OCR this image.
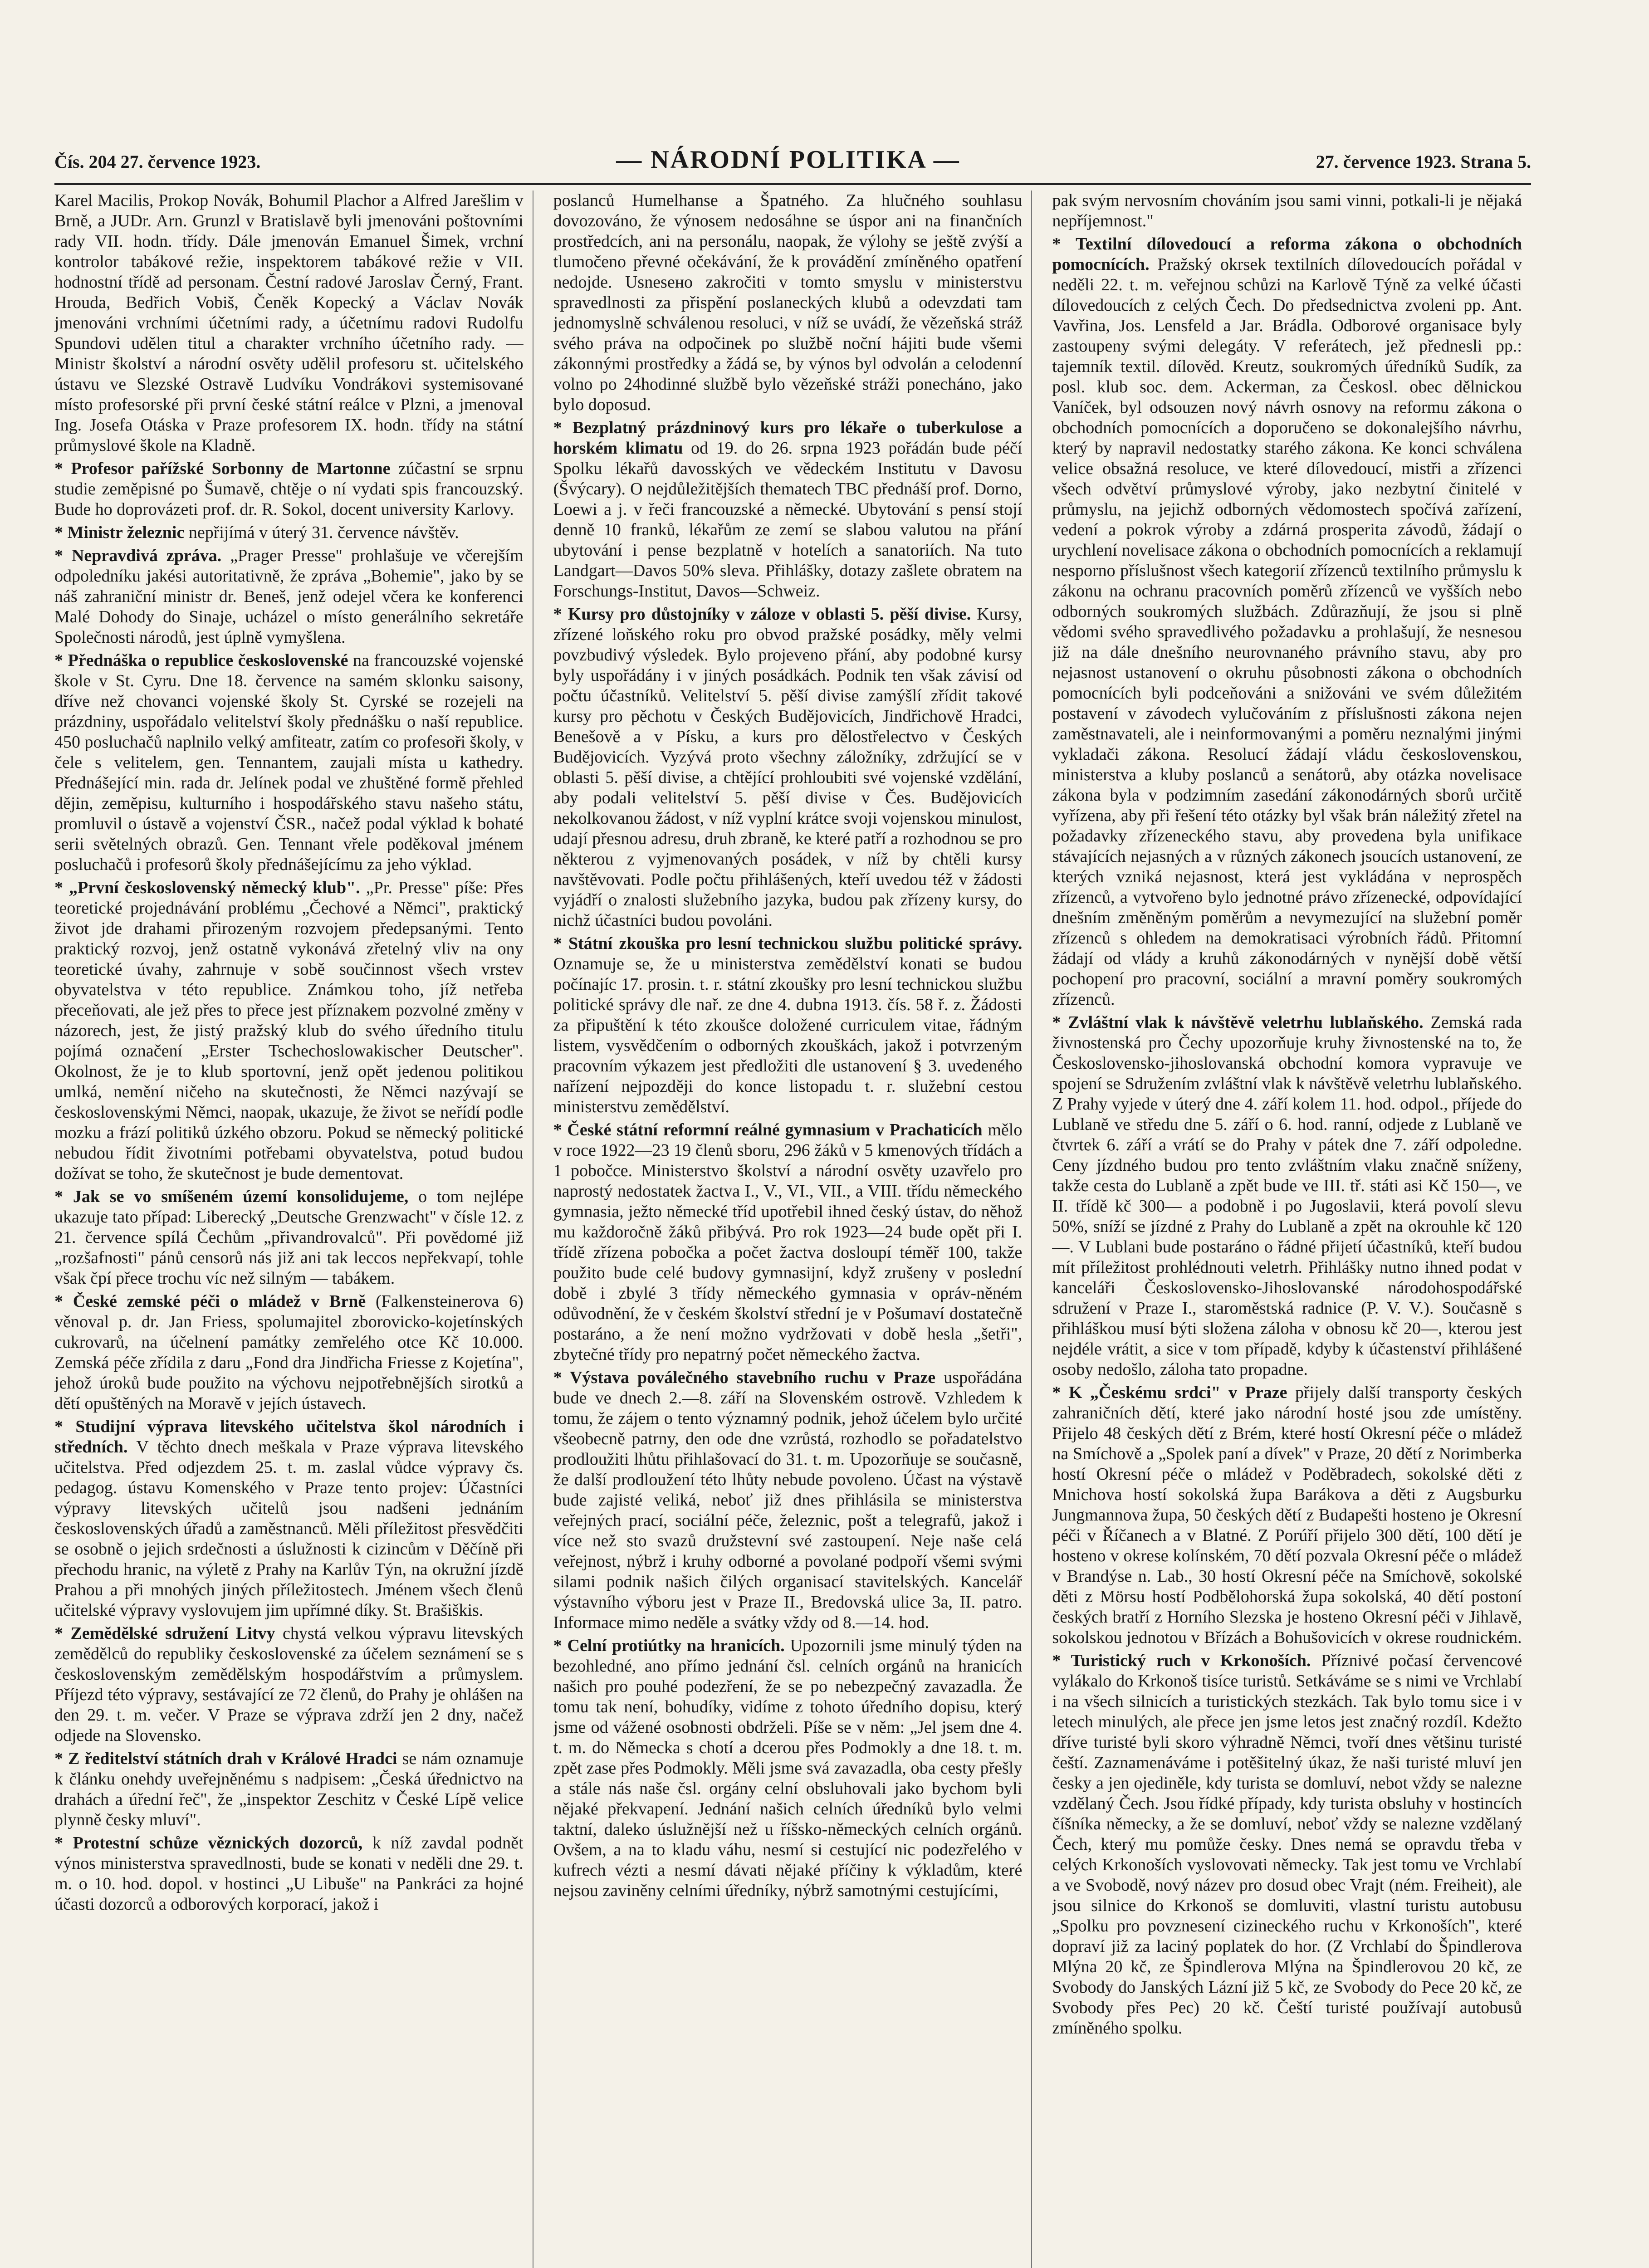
Čís. 204 27. července 1923.	— NÁRODNÍ POLITIKA —	27. července 1923. Strana 5.

Karel Macilis, Prokop Novák, Bohumil Plachor a Alfred Jarešlim v Brně, a JUDr. Arn. Grunzl v Bratislavě byli jmenováni poštovními rady VII. hodn. třídy. Dále jmenován Emanuel Šimek, vrchní kontrolor tabákové režie, inspektorem tabákové režie v VII. hodnostní třídě ad personam. Čestní radové Jaroslav Černý, Frant. Hrouda, Bedřich Vobiš, Čeněk Kopecký a Václav Novák jmenováni vrchními účetními rady, a účetnímu radovi Rudolfu Spundovi udělen titul a charakter vrchního účetního rady. — Ministr školství a národní osvěty udělil profesoru st. učitelského ústavu ve Slezské Ostravě Ludvíku Vondrákovi systemisované místo profesorské při první české státní reálce v Plzni, a jmenoval Ing. Josefa Otáska v Praze profesorem IX. hodn. třídy na státní průmyslové škole na Kladně.

* Profesor pařížské Sorbonny de Martonne zúčastní se srpnu studie zeměpisné po Šumavě, chtěje o ní vydati spis francouzský. Bude ho doprovázeti prof. dr. R. Sokol, docent university Karlovy.

* Ministr železnic nepřijímá v úterý 31. července návštěv.

* Nepravdivá zpráva. „Prager Presse" prohlašuje ve včerejším odpoledníku jakési autoritativně, že zpráva „Bohemie", jako by se náš zahraniční ministr dr. Beneš, jenž odejel včera ke konferenci Malé Dohody do Sinaje, ucházel o místo generálního sekretáře Společnosti národů, jest úplně vymyšlena.

* Přednáška o republice československé na francouzské vojenské škole v St. Cyru. Dne 18. července na samém sklonku saisony, dříve než chovanci vojenské školy St. Cyrské se rozejeli na prázdniny, uspořádalo velitelství školy přednášku o naší republice. 450 posluchačů naplnilo velký amfiteatr, zatím co profesoři školy, v čele s velitelem, gen. Tennantem, zaujali místa u kathedry. Přednášející min. rada dr. Jelínek podal ve zhuštěné formě přehled dějin, zeměpisu, kulturního i hospodářského stavu našeho státu, promluvil o ústavě a vojenství ČSR., načež podal výklad k bohaté serii světelných obrazů. Gen. Tennant vřele poděkoval jménem posluchačů i profesorů školy přednášejícímu za jeho výklad.

* „První československý německý klub". „Pr. Presse" píše: Přes teoretické projednávání problému „Čechové a Němci", praktický život jde drahami přirozeným rozvojem předepsanými. Tento praktický rozvoj, jenž ostatně vykonává zřetelný vliv na ony teoretické úvahy, zahrnuje v sobě součinnost všech vrstev obyvatelstva v této republice. Známkou toho, jíž netřeba přeceňovati, ale jež přes to přece jest příznakem pozvolné změny v názorech, jest, že jistý pražský klub do svého úředního titulu pojímá označení „Erster Tschechoslowakischer Deutscher". Okolnost, že je to klub sportovní, jenž opět jedenou politikou umlká, nemění ničeho na skutečnosti, že Němci nazývají se československými Němci, naopak, ukazuje, že život se neřídí podle mozku a frází politiků úzkého obzoru. Pokud se německý politické nebudou řídit životními potřebami obyvatelstva, potud budou dožívat se toho, že skutečnost je bude dementovat.

* Jak se vo smíšeném území konsolidujeme, o tom nejlépe ukazuje tato případ: Liberecký „Deutsche Grenzwacht" v čísle 12. z 21. července spílá Čechům „přivandrovalců". Při povědomé již „rozšafnosti" pánů censorů nás již ani tak leccos nepřekvapí, tohle však čpí přece trochu víc než silným — tabákem.

* České zemské péči o mládež v Brně (Falkensteinerova 6) věnoval p. dr. Jan Friess, spolumajitel zborovicko-kojetínských cukrovarů, na účelnení památky zemřelého otce Kč 10.000. Zemská péče zřídila z daru „Fond dra Jindřicha Friesse z Kojetína", jehož úroků bude použito na výchovu nejpotřebnějších sirotků a dětí opuštěných na Moravě v jejích ústavech.

* Studijní výprava litevského učitelstva škol národních i středních. V těchto dnech meškala v Praze výprava litevského učitelstva. Před odjezdem 25. t. m. zaslal vůdce výpravy čs. pedagog. ústavu Komenského v Praze tento projev: Účastníci výpravy litevských učitelů jsou nadšeni jednáním československých úřadů a zaměstnanců. Měli příležitost přesvědčiti se osobně o jejich srdečnosti a úslužnosti k cizincům v Děčíně při přechodu hranic, na výletě z Prahy na Karlův Týn, na okružní jízdě Prahou a při mnohých jiných příležitostech. Jménem všech členů učitelské výpravy vyslovujem jim upřímné díky. St. Brašiškis.

* Zemědělské sdružení Litvy chystá velkou výpravu litevských zemědělců do republiky československé za účelem seznámení se s československým zemědělským hospodářstvím a průmyslem. Příjezd této výpravy, sestávající ze 72 členů, do Prahy je ohlášen na den 29. t. m. večer. V Praze se výprava zdrží jen 2 dny, načež odjede na Slovensko.

* Z ředitelství státních drah v Králové Hradci se nám oznamuje k článku onehdy uveřejněnému s nadpisem: „Česká úřednictvo na drahách a úřední řeč", že „inspektor Zeschitz v České Lípě velice plynně česky mluví".

* Protestní schůze věznických dozorců, k níž zavdal podnět výnos ministerstva spravedlnosti, bude se konati v neděli dne 29. t. m. o 10. hod. dopol. v hostinci „U Libuše" na Pankráci za hojné účasti dozorců a odborových korporací, jakož i

poslanců Humelhanse a Špatného. Za hlučného souhlasu dovozováno, že výnosem nedosáhne se úspor ani na finančních prostředcích, ani na personálu, naopak, že výlohy se ještě zvýší a tlumočeno převné očekávání, že k provádění zmíněného opatření nedojde. Usnesено zakročiti v tomto smyslu v ministerstvu spravedlnosti za přispění poslaneckých klubů a odevzdati tam jednomyslně schválenou resoluci, v níž se uvádí, že vězeňská stráž svého práva na odpočinek po službě noční hájiti bude všemi zákonnými prostředky a žádá se, by výnos byl odvolán a celodenní volno po 24hodinné službě bylo vězeňské stráži ponecháno, jako bylo doposud.

* Bezplatný prázdninový kurs pro lékaře o tuberkulose a horském klimatu od 19. do 26. srpna 1923 pořádán bude péčí Spolku lékařů davosských ve vědeckém Institutu v Davosu (Švýcary). O nejdůležitějších thematech TBC přednáší prof. Dorno, Loewi a j. v řeči francouzské a německé. Ubytování s pensí stojí denně 10 franků, lékařům ze zemí se slabou valutou na přání ubytování i pense bezplatně v hotelích a sanatoriích. Na tuto Landgart—Davos 50% sleva. Přihlášky, dotazy zašlete obratem na Forschungs-Institut, Davos—Schweiz.

* Kursy pro důstojníky v záloze v oblasti 5. pěší divise. Kursy, zřízené loňského roku pro obvod pražské posádky, měly velmi povzbudivý výsledek. Bylo projeveno přání, aby podobné kursy byly uspořádány i v jiných posádkách. Podnik ten však závisí od počtu účastníků. Velitelství 5. pěší divise zamýšlí zřídit takové kursy pro pěchotu v Českých Budějovicích, Jindřichově Hradci, Benešově a v Písku, a kurs pro dělostřelectvo v Českých Budějovicích. Vyzývá proto všechny záložníky, zdržující se v oblasti 5. pěší divise, a chtějící prohloubiti své vojenské vzdělání, aby podali velitelství 5. pěší divise v Čes. Budějovicích nekolkovanou žádost, v níž vyplní krátce svoji vojenskou minulost, udají přesnou adresu, druh zbraně, ke které patří a rozhodnou se pro některou z vyjmenovaných posádek, v níž by chtěli kursy navštěvovati. Podle počtu přihlášených, kteří uvedou též v žádosti vyjádří o znalosti služebního jazyka, budou pak zřízeny kursy, do nichž účastníci budou povoláni.

* Státní zkouška pro lesní technickou službu politické správy. Oznamuje se, že u ministerstva zemědělství konati se budou počínajíc 17. prosin. t. r. státní zkoušky pro lesní technickou službu politické správy dle nař. ze dne 4. dubna 1913. čís. 58 ř. z. Žádosti za připuštění k této zkoušce doložené curriculem vitae, řádným listem, vysvědčením o odborných zkouškách, jakož i potvrzeným pracovním výkazem jest předložiti dle ustanovení § 3. uvedeného nařízení nejpozději do konce listopadu t. r. služební cestou ministerstvu zemědělství.

* České státní reformní reálné gymnasium v Prachaticích mělo v roce 1922—23 19 členů sboru, 296 žáků v 5 kmenových třídách a 1 pobočce. Ministerstvo školství a národní osvěty uzavřelo pro naprostý nedostatek žactva I., V., VI., VII., a VIII. třídu německého gymnasia, ježto německé tříd upotřebil ihned český ústav, do něhož mu každoročně žáků přibývá. Pro rok 1923—24 bude opět při I. třídě zřízena pobočka a počet žactva dosloupí téměř 100, takže použito bude celé budovy gymnasijní, když zrušeny v poslední době i zbylé 3 třídy německého gymnasia v opráv-něném odůvodnění, že v českém školství střední je v Pošumaví dostatečně postaráno, a že není možno vydržovati v době hesla „šetři", zbytečné třídy pro nepatrný počet německého žactva.

* Výstava poválečného stavebního ruchu v Praze uspořádána bude ve dnech 2.—8. září na Slovenském ostrově. Vzhledem k tomu, že zájem o tento významný podnik, jehož účelem bylo určité všeobecně patrny, den ode dne vzrůstá, rozhodlo se pořadatelstvo prodloužiti lhůtu přihlašovací do 31. t. m. Upozorňuje se současně, že další prodloužení této lhůty nebude povoleno. Účast na výstavě bude zajisté veliká, neboť již dnes přihlásila se ministerstva veřejných prací, sociální péče, železnic, pošt a telegrafů, jakož i více než sto svazů družstevní své zastoupení. Neje naše celá veřejnost, nýbrž i kruhy odborné a povolané podpoří všemi svými silami podnik našich čilých organisací stavitelských. Kancelář výstavního výboru jest v Praze II., Bredovská ulice 3a, II. patro. Informace mimo neděle a svátky vždy od 8.—14. hod.

* Celní protiútky na hranicích. Upozornili jsme minulý týden na bezohledné, ano přímo jednání čsl. celních orgánů na hranicích našich pro pouhé podezření, že se po nebezpečný zavazadla. Že tomu tak není, bohudíky, vidíme z tohoto úředního dopisu, který jsme od vážené osobnosti obdrželi. Píše se v něm: „Jel jsem dne 4. t. m. do Německa s chotí a dcerou přes Podmokly a dne 18. t. m. zpět zase přes Podmokly. Měli jsme svá zavazadla, oba cesty přešly a stále nás naše čsl. orgány celní obsluhovali jako bychom byli nějaké překvapení. Jednání našich celních úředníků bylo velmi taktní, daleko úslužnější než u říšsko-německých celních orgánů. Ovšem, a na to kladu váhu, nesmí si cestující nic podezřelého v kufrech vézti a nesmí dávati nějaké příčiny k výkladům, které nejsou zaviněny celními úředníky, nýbrž samotnými cestujícími,

pak svým nervosním chováním jsou sami vinni, potkali-li je nějaká nepříjemnost."

* Textilní dílovedoucí a reforma zákona o obchodních pomocnících. Pražský okrsek textilních dílovedoucích pořádal v neděli 22. t. m. veřejnou schůzi na Karlově Týně za velké účasti dílovedoucích z celých Čech. Do předsednictva zvoleni pp. Ant. Vavřina, Jos. Lensfeld a Jar. Brádla. Odborové organisace byly zastoupeny svými delegáty. V referátech, jež přednesli pp.: tajemník textil. dílověd. Kreutz, soukromých úředníků Sudík, za posl. klub soc. dem. Ackerman, za Českosl. obec dělnickou Vaníček, byl odsouzen nový návrh osnovy na reformu zákona o obchodních pomocnících a doporučeno se dokonalejšího návrhu, který by napravil nedostatky starého zákona. Ke konci schválena velice obsažná resoluce, ve které dílovedoucí, mistři a zřízenci všech odvětví průmyslové výroby, jako nezbytní činitelé v průmyslu, na jejichž odborných vědomostech spočívá zařízení, vedení a pokrok výroby a zdárná prosperita závodů, žádají o urychlení novelisace zákona o obchodních pomocnících a reklamují nesporno příslušnost všech kategorií zřízenců textilního průmyslu k zákonu na ochranu pracovních poměrů zřízenců ve vyšších nebo odborných soukromých službách. Zdůrazňují, že jsou si plně vědomi svého spravedlivého požadavku a prohlašují, že nesnesou již na dále dnešního neurovnaného právního stavu, aby pro nejasnost ustanovení o okruhu působnosti zákona o obchodních pomocnících byli podceňováni a snižováni ve svém důležitém postavení v závodech vylučováním z příslušnosti zákona nejen zaměstnavateli, ale i neinformovanými a poměru neznalými jinými vykladači zákona. Resolucí žádají vládu československou, ministerstva a kluby poslanců a senátorů, aby otázka novelisace zákona byla v podzimním zasedání zákonodárných sborů určitě vyřízena, aby při řešení této otázky byl však brán náležitý zřetel na požadavky zřízeneckého stavu, aby provedena byla unifikace stávajících nejasných a v různých zákonech jsoucích ustanovení, ze kterých vzniká nejasnost, která jest vykládána v neprospěch zřízenců, a vytvořeno bylo jednotné právo zřízenecké, odpovídající dnešním změněným poměrům a nevymezující na služební poměr zřízenců s ohledem na demokratisaci výrobních řádů. Přitomní žádají od vlády a kruhů zákonodárných v nynější době větší pochopení pro pracovní, sociální a mravní poměry soukromých zřízenců.

* Zvláštní vlak k návštěvě veletrhu lublaňského. Zemská rada živnostenská pro Čechy upozorňuje kruhy živnostenské na to, že Československo-jihoslovanská obchodní komora vypravuje ve spojení se Sdružením zvláštní vlak k návštěvě veletrhu lublaňského. Z Prahy vyjede v úterý dne 4. září kolem 11. hod. odpol., příjede do Lublaně ve středu dne 5. září o 6. hod. ranní, odjede z Lublaně ve čtvrtek 6. září a vrátí se do Prahy v pátek dne 7. září odpoledne. Ceny jízdného budou pro tento zvláštním vlaku značně sníženy, takže cesta do Lublaně a zpět bude ve III. tř. státi asi Kč 150—, ve II. třídě kč 300— a podobně i po Jugoslavii, která povolí slevu 50%, sníží se jízdné z Prahy do Lublaně a zpět na okrouhle kč 120—. V Lublani bude postaráno o řádné přijetí účastníků, kteří budou mít příležitost prohlédnouti veletrh. Přihlášky nutno ihned podat v kanceláři Československo-Jihoslovanské národohospodářské sdružení v Praze I., staroměstská radnice (P. V. V.). Současně s přihláškou musí býti složena záloha v obnosu kč 20—, kterou jest nejdéle vrátit, a sice v tom případě, kdyby k účastenství přihlášené osoby nedošlo, záloha tato propadne.

* K „Českému srdci" v Praze přijely další transporty českých zahraničních dětí, které jako národní hosté jsou zde umístěny. Přijelo 48 českých dětí z Brém, které hostí Okresní péče o mládež na Smíchově a „Spolek paní a dívek" v Praze, 20 dětí z Norimberka hostí Okresní péče o mládež v Poděbradech, sokolské děti z Mnichova hostí sokolská župa Barákova a děti z Augsburku Jungmannova župa, 50 českých dětí z Budapešti hosteno je Okresní péči v Říčanech a v Blatné. Z Porúří přijelo 300 dětí, 100 dětí je hosteno v okrese kolínském, 70 dětí pozvala Okresní péče o mládež v Brandýse n. Lab., 30 hostí Okresní péče na Smíchově, sokolské děti z Mörsu hostí Podbělohorská župa sokolská, 40 dětí postoní českých bratří z Horního Slezska je hosteno Okresní péči v Jihlavě, sokolskou jednotou v Břízách a Bohušovicích v okrese roudnickém.

* Turistický ruch v Krkonoších. Příznivé počasí červencové vylákalo do Krkonoš tisíce turistů. Setkáváme se s nimi ve Vrchlabí i na všech silnicích a turistických stezkách. Tak bylo tomu sice i v letech minulých, ale přece jen jsme letos jest značný rozdíl. Kdežto dříve turisté byli skoro výhradně Němci, tvoří dnes většinu turisté čeští. Zaznamenáváme i potěšitelný úkaz, že naši turisté mluví jen česky a jen ojediněle, kdy turista se domluví, nebot vždy se nalezne vzdělaný Čech. Jsou řídké případy, kdy turista obsluhy v hostincích číšníka německy, a že se domluví, neboť vždy se nalezne vzdělaný Čech, který mu pomůže česky. Dnes nemá se opravdu třeba v celých Krkonoších vyslovovati německy. Tak jest tomu ve Vrchlabí a ve Svobodě, nový název pro dosud obec Vrajt (ném. Freiheit), ale jsou silnice do Krkonoš se domluviti, vlastní turistu autobusu „Spolku pro povznesení cizineckého ruchu v Krkonoších", které dopraví již za laciný poplatek do hor. (Z Vrchlabí do Špindlerova Mlýna 20 kč, ze Špindlerova Mlýna na Špindlerovou 20 kč, ze Svobody do Janských Lázní již 5 kč, ze Svobody do Pece 20 kč, ze Svobody přes Pec) 20 kč. Čeští turisté používají autobusů zmíněného spolku.
